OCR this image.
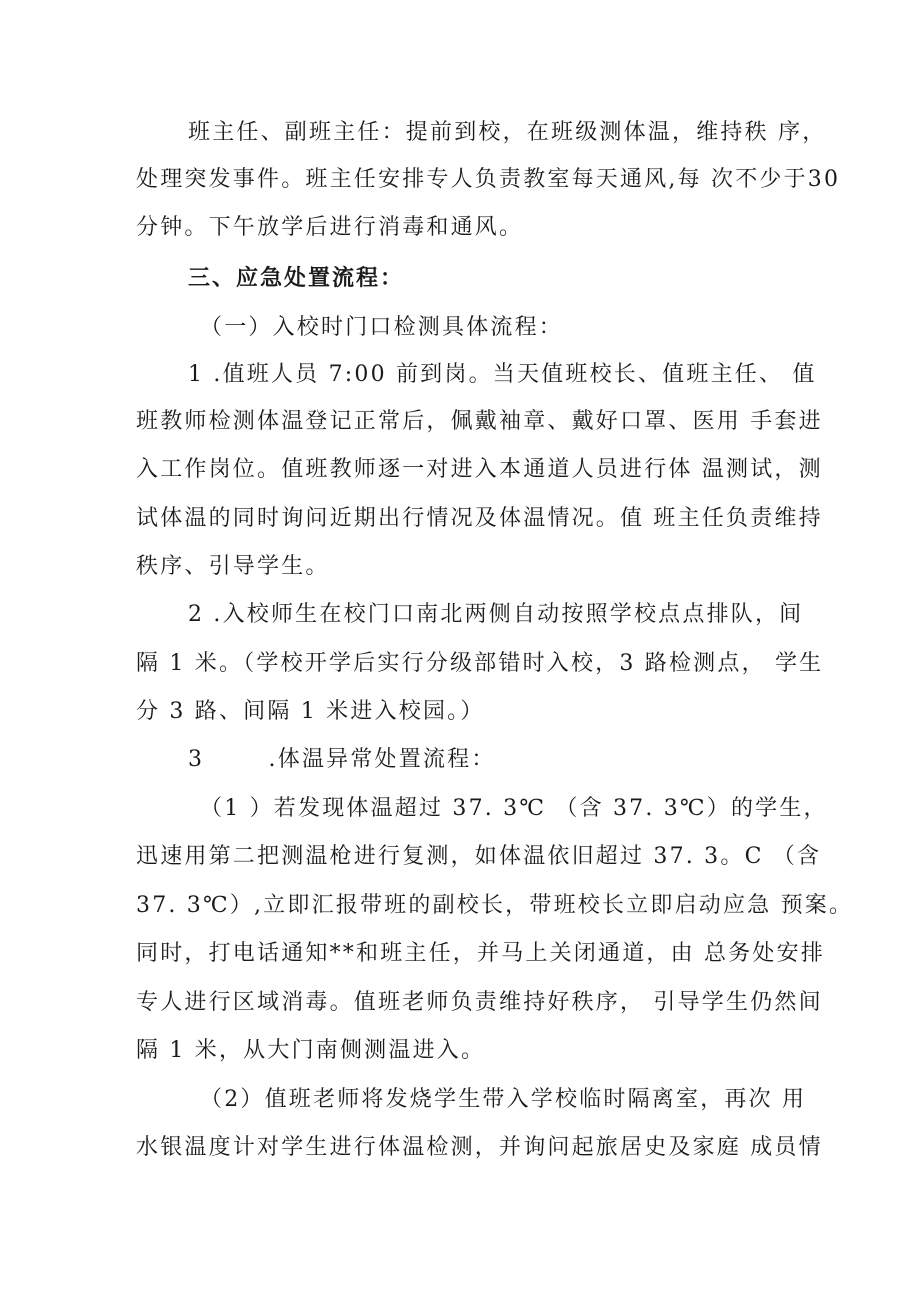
班主任、副班主任：提前到校，在班级测体温，维持秩 序，
处理突发事件。班主任安排专人负责教室每天通风,每 次不少于30
分钟。下午放学后进行消毒和通风。
三、应急处置流程：
（一）入校时门口检测具体流程：
1 .值班人员 7:00 前到岗。当天值班校长、值班主任、 值
班教师检测体温登记正常后，佩戴袖章、戴好口罩、医用 手套进
入工作岗位。值班教师逐一对进入本通道人员进行体 温测试，测
试体温的同时询问近期出行情况及体温情况。值 班主任负责维持
秩序、引导学生。
2 .入校师生在校门口南北两侧自动按照学校点点排队，间
隔 1 米。（学校开学后实行分级部错时入校，3 路检测点， 学生
分 3 路、间隔 1 米进入校园。）
3       .体温异常处置流程：
（1 ）若发现体温超过 37. 3℃ （含 37. 3℃）的学生，
迅速用第二把测温枪进行复测，如体温依旧超过 37. 3。C （含
37. 3℃）,立即汇报带班的副校长，带班校长立即启动应急 预案。
同时，打电话通知**和班主任，并马上关闭通道，由 总务处安排
专人进行区域消毒。值班老师负责维持好秩序， 引导学生仍然间
隔 1 米，从大门南侧测温进入。
（2）值班老师将发烧学生带入学校临时隔离室，再次 用
水银温度计对学生进行体温检测，并询问起旅居史及家庭 成员情
